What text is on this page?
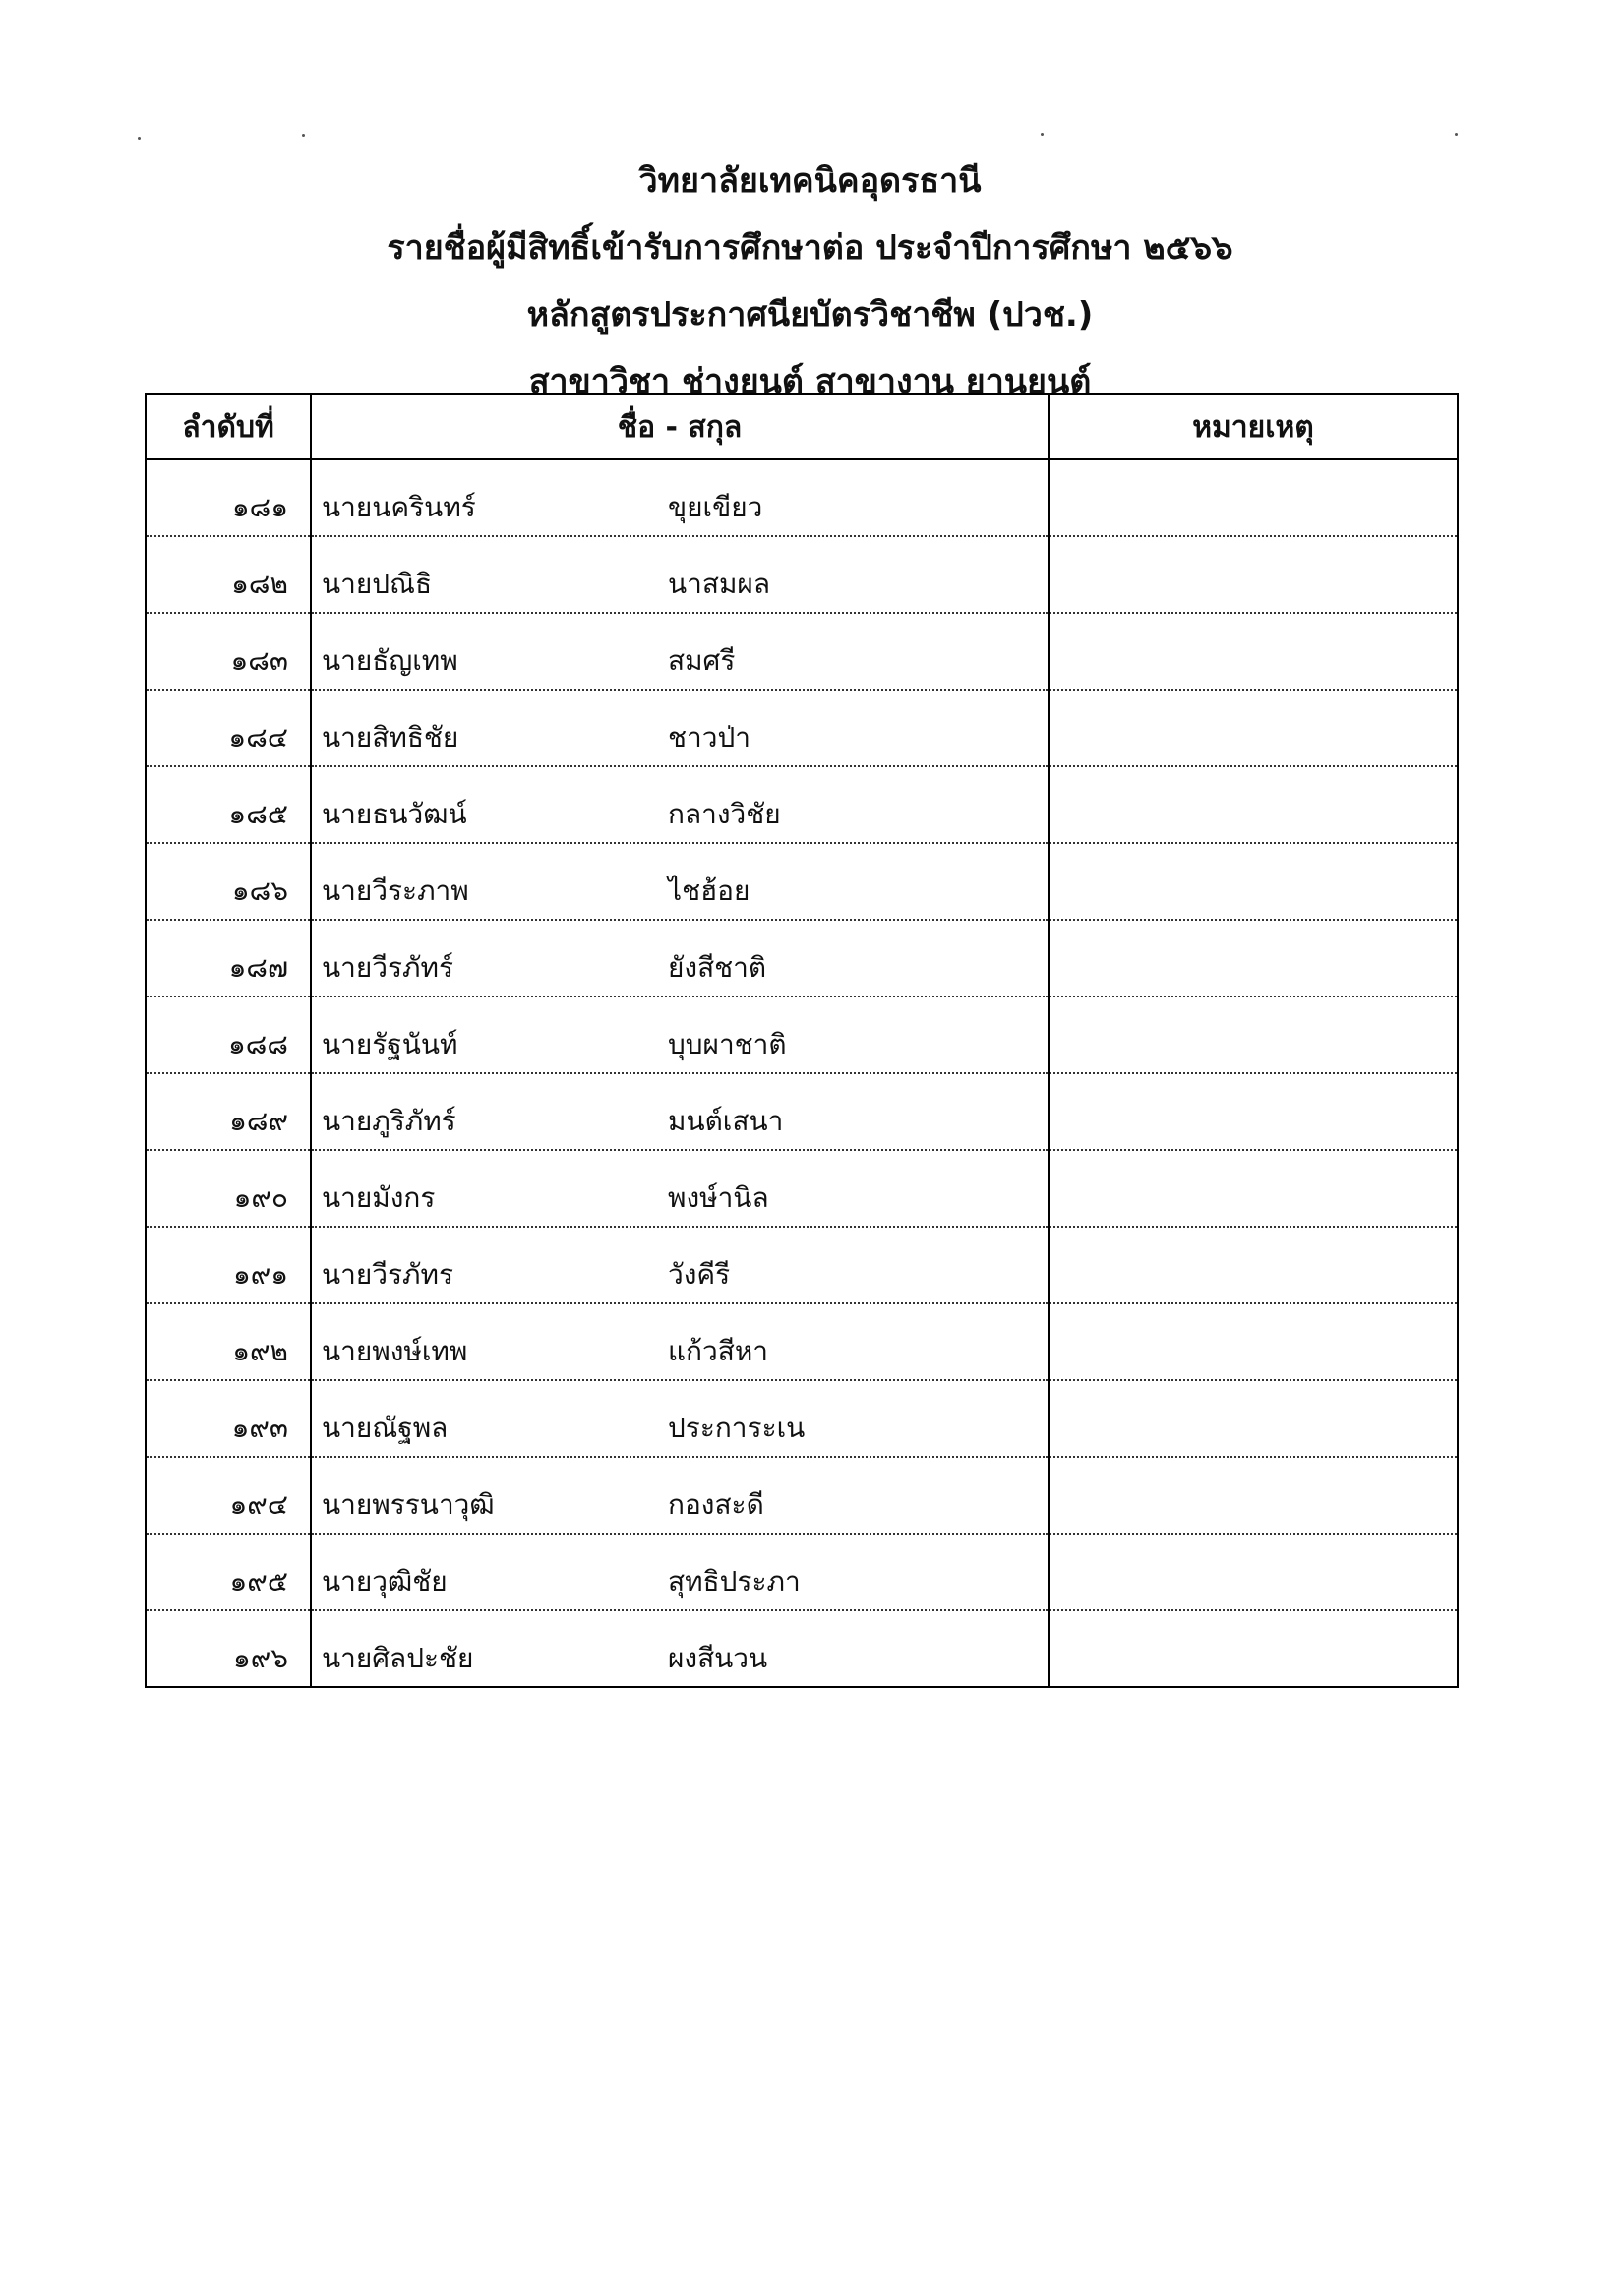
วิทยาลัยเทคนิคอุดรธานี
รายชื่อผู้มีสิทธิ์เข้ารับการศึกษาต่อ ประจำปีการศึกษา ๒๕๖๖
หลักสูตรประกาศนียบัตรวิชาชีพ (ปวช.)
สาขาวิชา ช่างยนต์ สาขางาน ยานยนต์
ลำดับที่	ชื่อ - สกุล	หมายเหตุ
๑๘๑	นายนครินทร์ ขุยเขียว	
๑๘๒	นายปณิธิ นาสมผล	
๑๘๓	นายธัญเทพ สมศรี	
๑๘๔	นายสิทธิชัย ชาวป่า	
๑๘๕	นายธนวัฒน์ กลางวิชัย	
๑๘๖	นายวีระภาพ ไชฮ้อย	
๑๘๗	นายวีรภัทร์ ยังสีชาติ	
๑๘๘	นายรัฐนันท์ บุบผาชาติ	
๑๘๙	นายภูริภัทร์ มนต์เสนา	
๑๙๐	นายมังกร พงษ์านิล	
๑๙๑	นายวีรภัทร วังคีรี	
๑๙๒	นายพงษ์เทพ แก้วสีหา	
๑๙๓	นายณัฐพล ประการะเน	
๑๙๔	นายพรรนาวุฒิ กองสะดี	
๑๙๕	นายวุฒิชัย สุทธิประภา	
๑๙๖	นายศิลปะชัย ผงสีนวน	
